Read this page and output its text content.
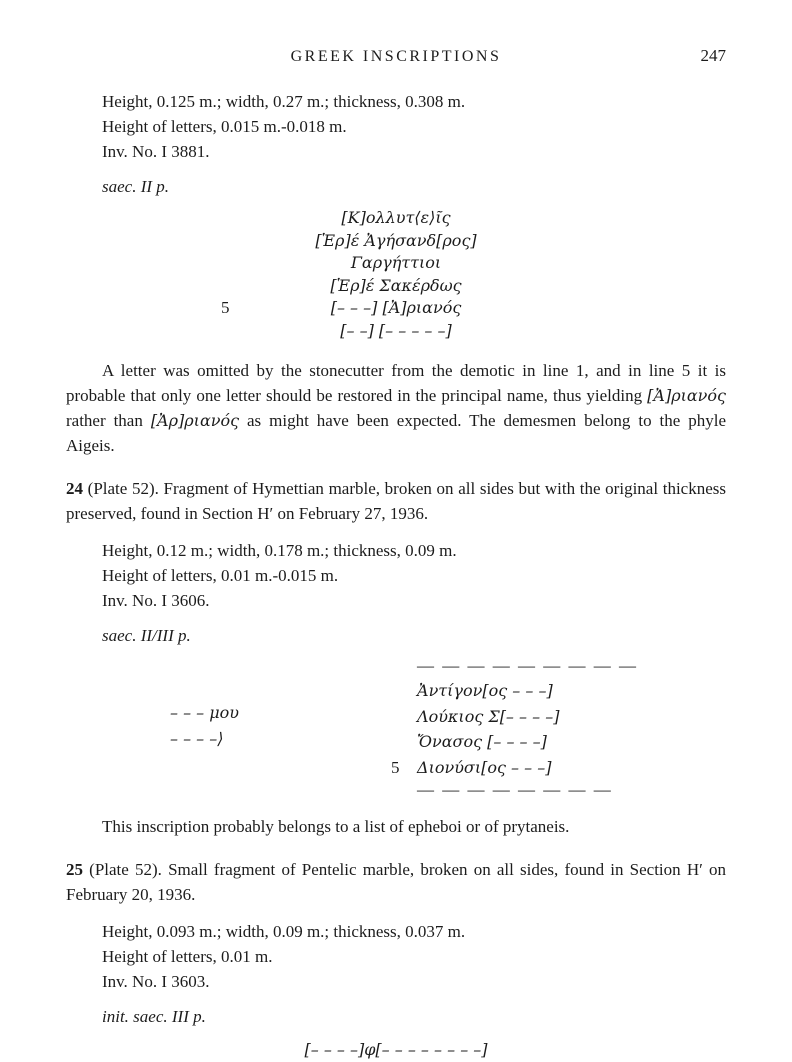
GREEK INSCRIPTIONS	247
Height, 0.125 m.; width, 0.27 m.; thickness, 0.308 m.
Height of letters, 0.015 m.-0.018 m.
Inv. No. I 3881.
saec. II p.
[Κ]ολλυτ⟨ε⟩ῖς
[Ἑρ]έ Ἀγήσανδ[ρος]
Γαργήττιοι
[Ἑρ]έ Σακέρδως
5	[– – –] [Ἀ]ριανός
[– –] [– – – – –]

A letter was omitted by the stonecutter from the demotic in line 1, and in line 5 it is probable that only one letter should be restored in the principal name, thus yielding [Ἀ]ριανός rather than [Ἀρ]ριανός as might have been expected. The demesmen belong to the phyle Aigeis.

24 (Plate 52). Fragment of Hymettian marble, broken on all sides but with the original thickness preserved, found in Section Η′ on February 27, 1936.

Height, 0.12 m.; width, 0.178 m.; thickness, 0.09 m.
Height of letters, 0.01 m.-0.015 m.
Inv. No. I 3606.
saec. II/III p.
– – – μου
– – – –⟩
— — — — — — — — —
Ἀντίγον[ος – – –]
Λούκιος Σ[– – – –]
Ὄνασος [– – – –]
5 Διονύσι[ος – – –]
— — — — — — — —

This inscription probably belongs to a list of epheboi or of prytaneis.

25 (Plate 52). Small fragment of Pentelic marble, broken on all sides, found in Section Η′ on February 20, 1936.

Height, 0.093 m.; width, 0.09 m.; thickness, 0.037 m.
Height of letters, 0.01 m.
Inv. No. I 3603.
init. saec. III p.
[– – – –]φ[– – – – – – – –]
